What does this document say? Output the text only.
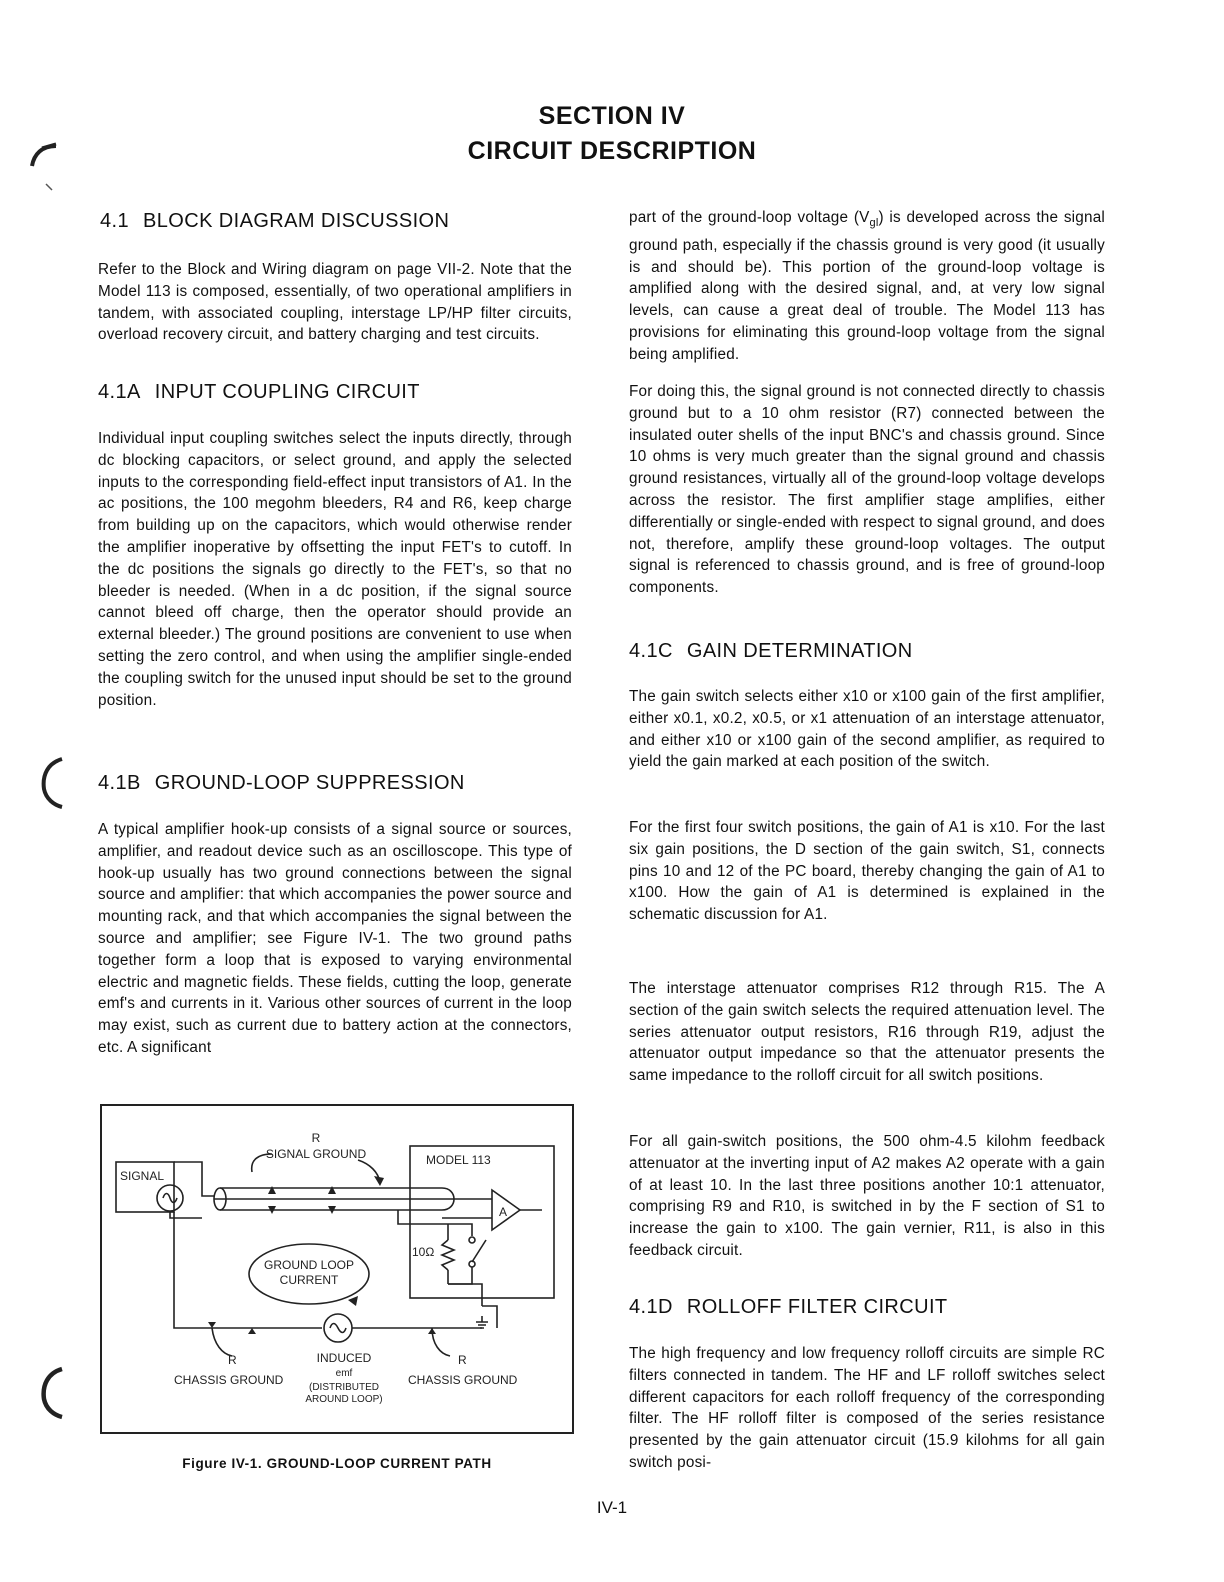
SECTION IV
CIRCUIT DESCRIPTION
4.1 BLOCK DIAGRAM DISCUSSION
Refer to the Block and Wiring diagram on page VII-2. Note that the Model 113 is composed, essentially, of two operational amplifiers in tandem, with associated coupling, interstage LP/HP filter circuits, overload recovery circuit, and battery charging and test circuits.
4.1A INPUT COUPLING CIRCUIT
Individual input coupling switches select the inputs directly, through dc blocking capacitors, or select ground, and apply the selected inputs to the corresponding field-effect input transistors of A1. In the ac positions, the 100 megohm bleeders, R4 and R6, keep charge from building up on the capacitors, which would otherwise render the amplifier inoperative by offsetting the input FET's to cutoff. In the dc positions the signals go directly to the FET's, so that no bleeder is needed. (When in a dc position, if the signal source cannot bleed off charge, then the operator should provide an external bleeder.) The ground positions are convenient to use when setting the zero control, and when using the amplifier single-ended the coupling switch for the unused input should be set to the ground position.
4.1B GROUND-LOOP SUPPRESSION
A typical amplifier hook-up consists of a signal source or sources, amplifier, and readout device such as an oscilloscope. This type of hook-up usually has two ground connections between the signal source and amplifier: that which accompanies the power source and mounting rack, and that which accompanies the signal between the source and amplifier; see Figure IV-1. The two ground paths together form a loop that is exposed to varying environmental electric and magnetic fields. These fields, cutting the loop, generate emf's and currents in it. Various other sources of current in the loop may exist, such as current due to battery action at the connectors, etc. A significant
R
SIGNAL GROUND	MODEL 113
SIGNAL
A
10Ω
GROUND LOOP
CURRENT
R	R
INDUCED
emf
(DISTRIBUTED
AROUND LOOP)
CHASSIS GROUND	CHASSIS GROUND
Figure IV-1. GROUND-LOOP CURRENT PATH
part of the ground-loop voltage $(V_{gl})$ is developed across the signal ground path, especially if the chassis ground is very good (it usually is and should be). This portion of the ground-loop voltage is amplified along with the desired signal, and, at very low signal levels, can cause a great deal of trouble. The Model 113 has provisions for eliminating this ground-loop voltage from the signal being amplified.
For doing this, the signal ground is not connected directly to chassis ground but to a 10 ohm resistor (R7) connected between the insulated outer shells of the input BNC's and chassis ground. Since 10 ohms is very much greater than the signal ground and chassis ground resistances, virtually all of the ground-loop voltage develops across the resistor. The first amplifier stage amplifies, either differentially or single-ended with respect to signal ground, and does not, therefore, amplify these ground-loop voltages. The output signal is referenced to chassis ground, and is free of ground-loop components.
4.1C GAIN DETERMINATION
The gain switch selects either x10 or x100 gain of the first amplifier, either x0.1, x0.2, x0.5, or x1 attenuation of an interstage attenuator, and either x10 or x100 gain of the second amplifier, as required to yield the gain marked at each position of the switch.
For the first four switch positions, the gain of A1 is x10. For the last six gain positions, the D section of the gain switch, S1, connects pins 10 and 12 of the PC board, thereby changing the gain of A1 to x100. How the gain of A1 is determined is explained in the schematic discussion for A1.
The interstage attenuator comprises R12 through R15. The A section of the gain switch selects the required attenuation level. The series attenuator output resistors, R16 through R19, adjust the attenuator output impedance so that the attenuator presents the same impedance to the rolloff circuit for all switch positions.
For all gain-switch positions, the 500 ohm-4.5 kilohm feedback attenuator at the inverting input of A2 makes A2 operate with a gain of at least 10. In the last three positions another 10:1 attenuator, comprising R9 and R10, is switched in by the F section of S1 to increase the gain to x100. The gain vernier, R11, is also in this feedback circuit.
4.1D ROLLOFF FILTER CIRCUIT
The high frequency and low frequency rolloff circuits are simple RC filters connected in tandem. The HF and LF rolloff switches select different capacitors for each rolloff frequency of the corresponding filter. The HF rolloff filter is composed of the series resistance presented by the gain attenuator circuit (15.9 kilohms for all gain switch posi-
IV-1
